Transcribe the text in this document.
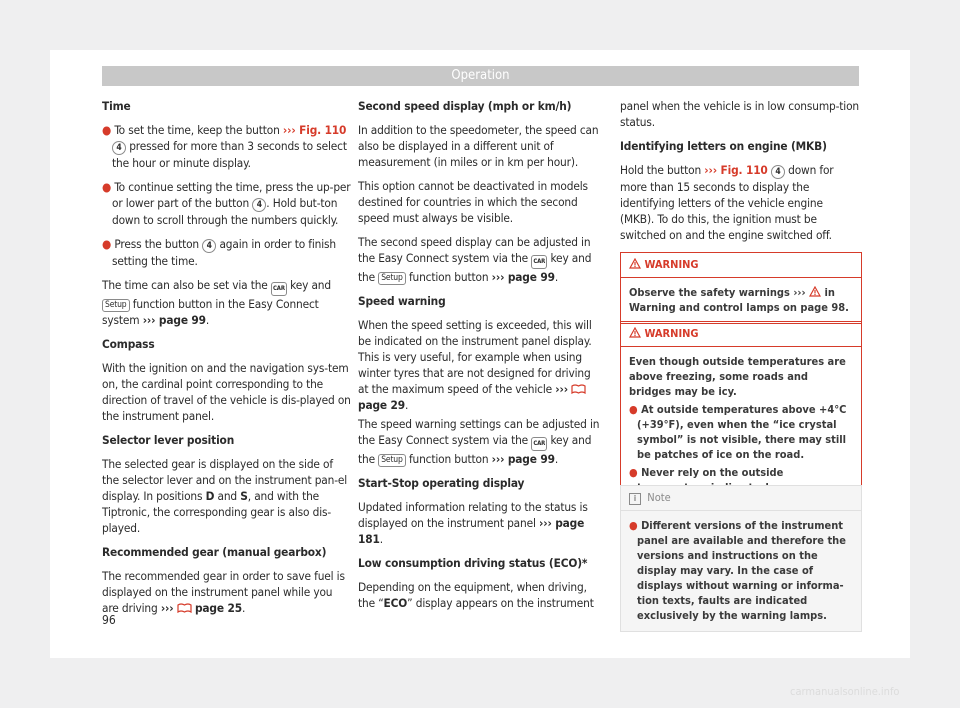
Operation

Time

● To set the time, keep the button ››› Fig. 110 4 pressed for more than 3 seconds to select the hour or minute display.

● To continue setting the time, press the up-per or lower part of the button 4 . Hold but-ton down to scroll through the numbers quickly.

● Press the button 4 again in order to finish setting the time.

The time can also be set via the CAR key and Setup function button in the Easy Connect system ››› page 99.

Compass

With the ignition on and the navigation sys-tem on, the cardinal point corresponding to the direction of travel of the vehicle is dis-played on the instrument panel.

Selector lever position

The selected gear is displayed on the side of the selector lever and on the instrument pan-el display. In positions D and S, and with the Tiptronic, the corresponding gear is also dis-played.

Recommended gear (manual gearbox)

The recommended gear in order to save fuel is displayed on the instrument panel while you are driving ››› page 25.

Second speed display (mph or km/h)

In addition to the speedometer, the speed can also be displayed in a different unit of measurement (in miles or in km per hour).

This option cannot be deactivated in models destined for countries in which the second speed must always be visible.

The second speed display can be adjusted in the Easy Connect system via the CAR key and the Setup function button ››› page 99.

Speed warning

When the speed setting is exceeded, this will be indicated on the instrument panel display. This is very useful, for example when using winter tyres that are not designed for driving at the maximum speed of the vehicle ›››  page 29.

The speed warning settings can be adjusted in the Easy Connect system via the CAR key and the Setup function button ››› page 99.

Start-Stop operating display

Updated information relating to the status is displayed on the instrument panel ››› page 181.

Low consumption driving status (ECO)*

Depending on the equipment, when driving, the “ECO” display appears on the instrument

panel when the vehicle is in low consump-tion status.

Identifying letters on engine (MKB)

Hold the button ››› Fig. 110 4 down for more than 15 seconds to display the identifying letters of the vehicle engine (MKB). To do this, the ignition must be switched on and the engine switched off.

WARNING
Observe the safety warnings ›››  in Warning and control lamps on page 98.
WARNING

Even though outside temperatures are above freezing, some roads and bridges may be icy.

● At outside temperatures above +4°C (+39°F), even when the “ice crystal symbol” is not visible, there may still be patches of ice on the road.

● Never rely on the outside

i Note

● Different versions of the instrument panel are available and therefore the versions and instructions on the display may vary. In the case of displays without warning or informa-tion texts, faults are indicated exclusively by the warning lamps.

96
carmanualsonline.info
